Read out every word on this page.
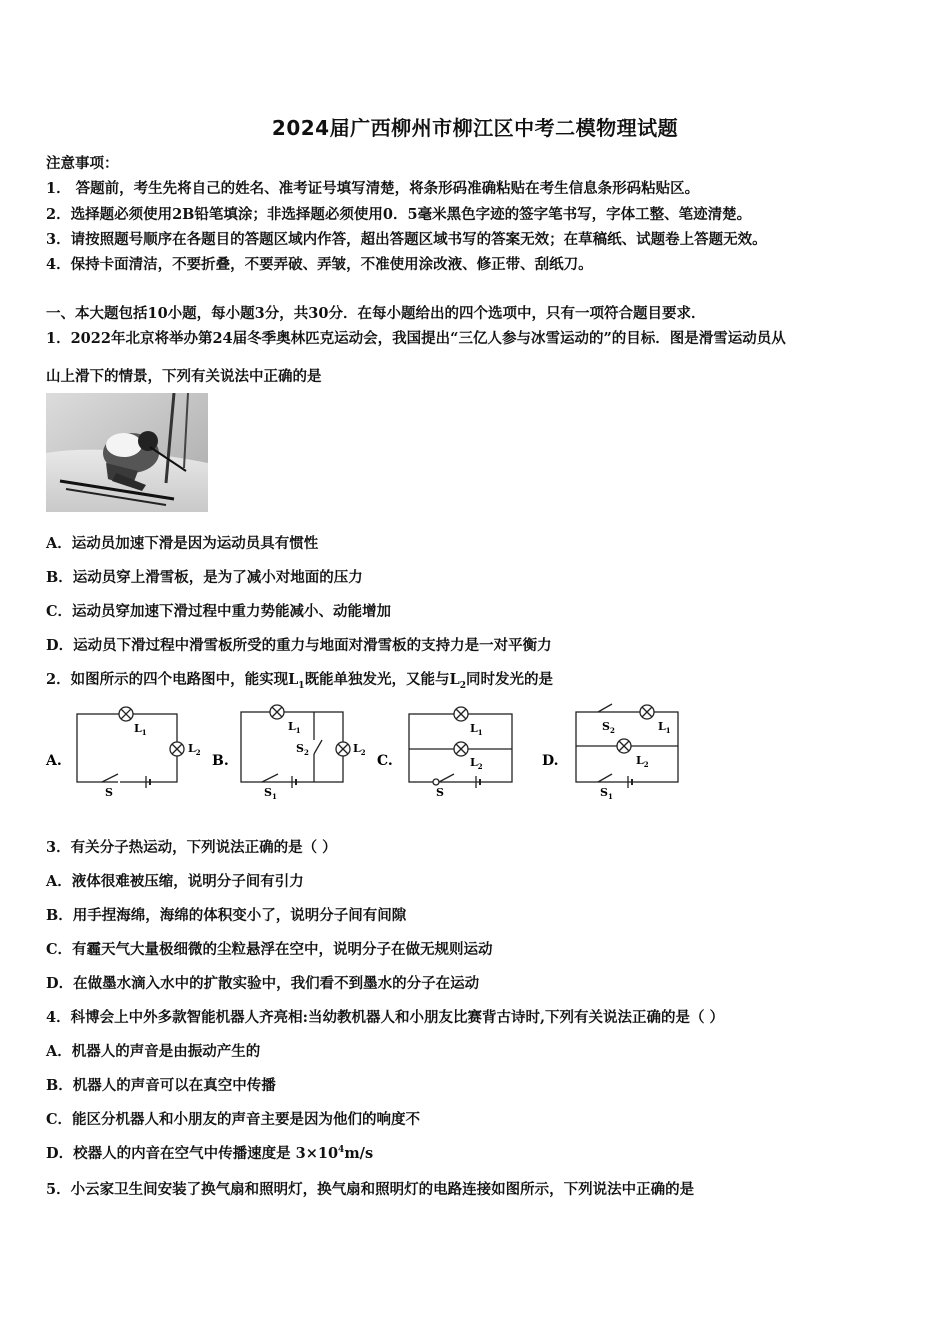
2024届广西柳州市柳江区中考二模物理试题
注意事项：
1． 答题前，考生先将自己的姓名、准考证号填写清楚，将条形码准确粘贴在考生信息条形码粘贴区。
2．选择题必须使用2B铅笔填涂；非选择题必须使用0．5毫米黑色字迹的签字笔书写，字体工整、笔迹清楚。
3．请按照题号顺序在各题目的答题区域内作答，超出答题区域书写的答案无效；在草稿纸、试题卷上答题无效。
4．保持卡面清洁，不要折叠，不要弄破、弄皱，不准使用涂改液、修正带、刮纸刀。
一、本大题包括10小题，每小题3分，共30分．在每小题给出的四个选项中，只有一项符合题目要求．
1．2022年北京将举办第24届冬季奥林匹克运动会，我国提出“三亿人参与冰雪运动的”的目标．图是滑雪运动员从
山上滑下的情景，下列有关说法中正确的是
A．运动员加速下滑是因为运动员具有惯性
B．运动员穿上滑雪板，是为了减小对地面的压力
C．运动员穿加速下滑过程中重力势能减小、动能增加
D．运动员下滑过程中滑雪板所受的重力与地面对滑雪板的支持力是一对平衡力
2．如图所示的四个电路图中，能实现$L_1$既能单独发光，又能与$L_2$同时发光的是
A.
$L_1$
$L_2$
S
B.
$L_1$
$S_2$	$L_2$
$S_1$
C.
$L_1$
$L_2$
S
D.
$S_2$	$L_1$
$L_2$
$S_1$
3．有关分子热运动，下列说法正确的是（ ）
A．液体很难被压缩，说明分子间有引力
B．用手捏海绵，海绵的体积变小了，说明分子间有间隙
C．有霾天气大量极细微的尘粒悬浮在空中，说明分子在做无规则运动
D．在做墨水滴入水中的扩散实验中，我们看不到墨水的分子在运动
4．科博会上中外多款智能机器人齐亮相:当幼教机器人和小朋友比赛背古诗时,下列有关说法正确的是（ ）
A．机器人的声音是由振动产生的
B．机器人的声音可以在真空中传播
C．能区分机器人和小朋友的声音主要是因为他们的响度不
D．校器人的内音在空气中传播速度是 $3\times 10^4m/s$
5．小云家卫生间安装了换气扇和照明灯，换气扇和照明灯的电路连接如图所示，下列说法中正确的是
